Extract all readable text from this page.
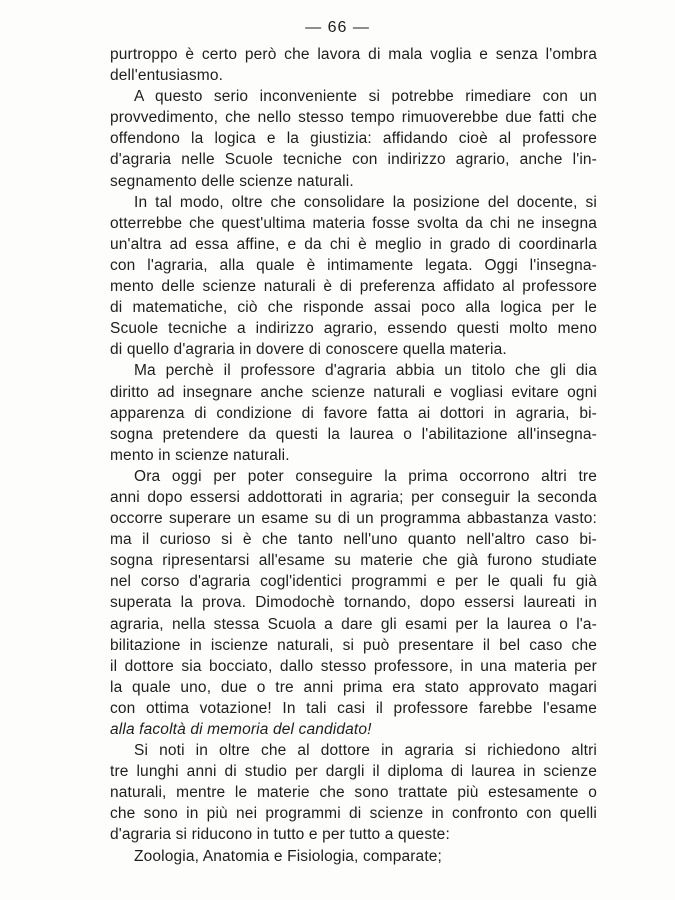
— 66 —
purtroppo è certo però che lavora di mala voglia e senza l'ombra
dell'entusiasmo.
A questo serio inconveniente si potrebbe rimediare con un
provvedimento, che nello stesso tempo rimuoverebbe due fatti che
offendono la logica e la giustizia: affidando cioè al professore
d'agraria nelle Scuole tecniche con indirizzo agrario, anche l'in-
segnamento delle scienze naturali.
In tal modo, oltre che consolidare la posizione del docente, si
otterrebbe che quest'ultima materia fosse svolta da chi ne insegna
un'altra ad essa affine, e da chi è meglio in grado di coordinarla
con l'agraria, alla quale è intimamente legata. Oggi l'insegna-
mento delle scienze naturali è di preferenza affidato al professore
di matematiche, ciò che risponde assai poco alla logica per le
Scuole tecniche a indirizzo agrario, essendo questi molto meno
di quello d'agraria in dovere di conoscere quella materia.
Ma perchè il professore d'agraria abbia un titolo che gli dia
diritto ad insegnare anche scienze naturali e vogliasi evitare ogni
apparenza di condizione di favore fatta ai dottori in agraria, bi-
sogna pretendere da questi la laurea o l'abilitazione all'insegna-
mento in scienze naturali.
Ora oggi per poter conseguire la prima occorrono altri tre
anni dopo essersi addottorati in agraria; per conseguir la seconda
occorre superare un esame su di un programma abbastanza vasto:
ma il curioso si è che tanto nell'uno quanto nell'altro caso bi-
sogna ripresentarsi all'esame su materie che già furono studiate
nel corso d'agraria cogl'identici programmi e per le quali fu già
superata la prova. Dimodochè tornando, dopo essersi laureati in
agraria, nella stessa Scuola a dare gli esami per la laurea o l'a-
bilitazione in iscienze naturali, si può presentare il bel caso che
il dottore sia bocciato, dallo stesso professore, in una materia per
la quale uno, due o tre anni prima era stato approvato magari
con ottima votazione! In tali casi il professore farebbe l'esame
alla facoltà di memoria del candidato!
Si noti in oltre che al dottore in agraria si richiedono altri
tre lunghi anni di studio per dargli il diploma di laurea in scienze
naturali, mentre le materie che sono trattate più estesamente o
che sono in più nei programmi di scienze in confronto con quelli
d'agraria si riducono in tutto e per tutto a queste:
Zoologia, Anatomia e Fisiologia, comparate;
